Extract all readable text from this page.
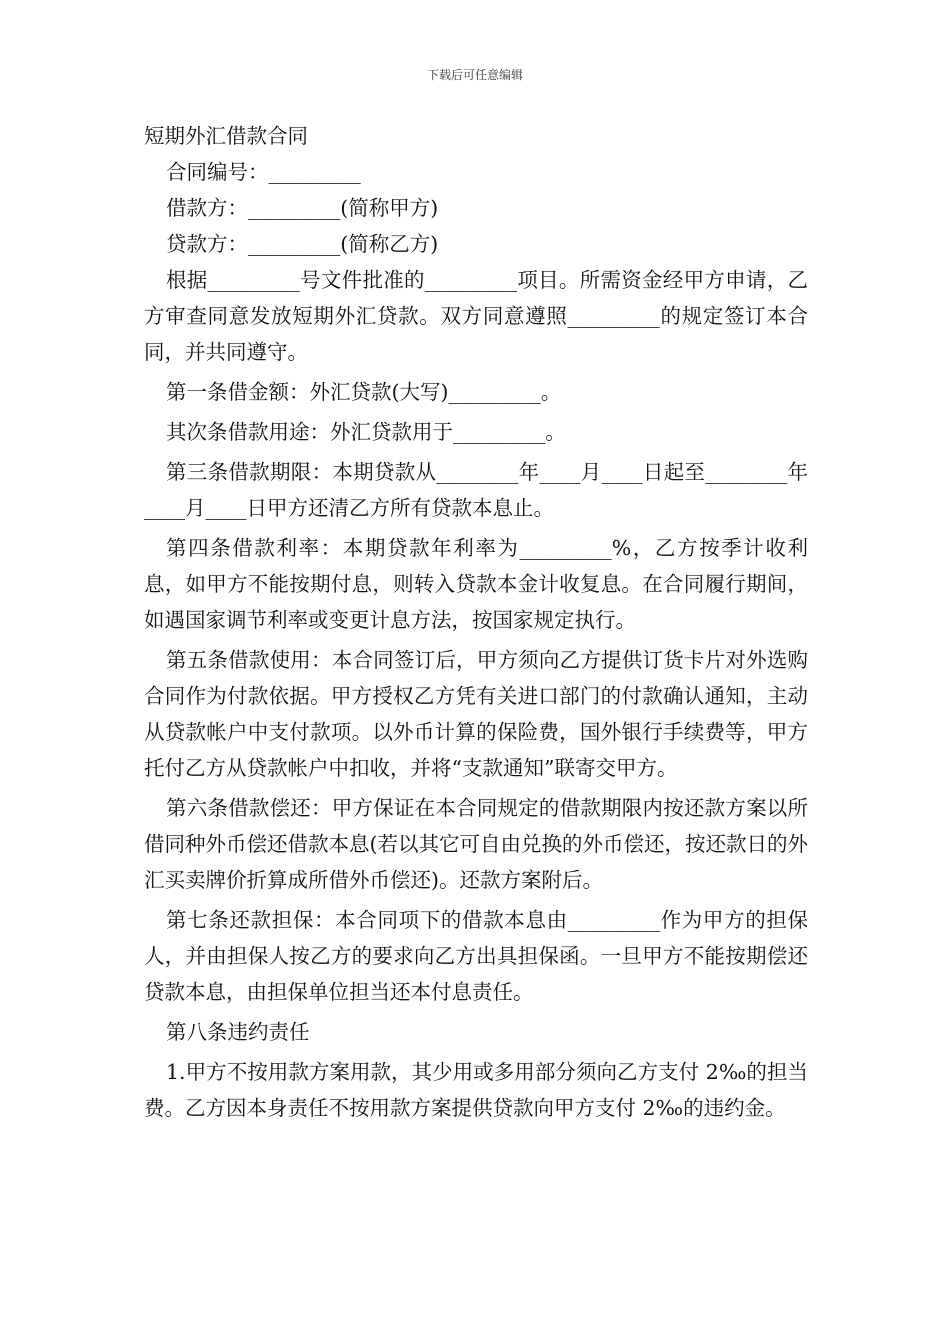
下载后可任意编辑

短期外汇借款合同

合同编号：_________

借款方：_________(简称甲方)

贷款方：_________(简称乙方)

根据_________号文件批准的_________项目。所需资金经甲方申请，乙方审查同意发放短期外汇贷款。双方同意遵照_________的规定签订本合同，并共同遵守。

第一条借金额：外汇贷款(大写)_________。

其次条借款用途：外汇贷款用于_________。

第三条借款期限：本期贷款从________年____月____日起至________年____月____日甲方还清乙方所有贷款本息止。

第四条借款利率：本期贷款年利率为_________%，乙方按季计收利息，如甲方不能按期付息，则转入贷款本金计收复息。在合同履行期间，如遇国家调节利率或变更计息方法，按国家规定执行。

第五条借款使用：本合同签订后，甲方须向乙方提供订货卡片对外选购合同作为付款依据。甲方授权乙方凭有关进口部门的付款确认通知，主动从贷款帐户中支付款项。以外币计算的保险费，国外银行手续费等，甲方托付乙方从贷款帐户中扣收，并将“支款通知”联寄交甲方。

第六条借款偿还：甲方保证在本合同规定的借款期限内按还款方案以所借同种外币偿还借款本息(若以其它可自由兑换的外币偿还，按还款日的外汇买卖牌价折算成所借外币偿还)。还款方案附后。

第七条还款担保：本合同项下的借款本息由_________作为甲方的担保人，并由担保人按乙方的要求向乙方出具担保函。一旦甲方不能按期偿还贷款本息，由担保单位担当还本付息责任。

第八条违约责任

1.甲方不按用款方案用款，其少用或多用部分须向乙方支付 2‰的担当费。乙方因本身责任不按用款方案提供贷款向甲方支付 2‰的违约金。
